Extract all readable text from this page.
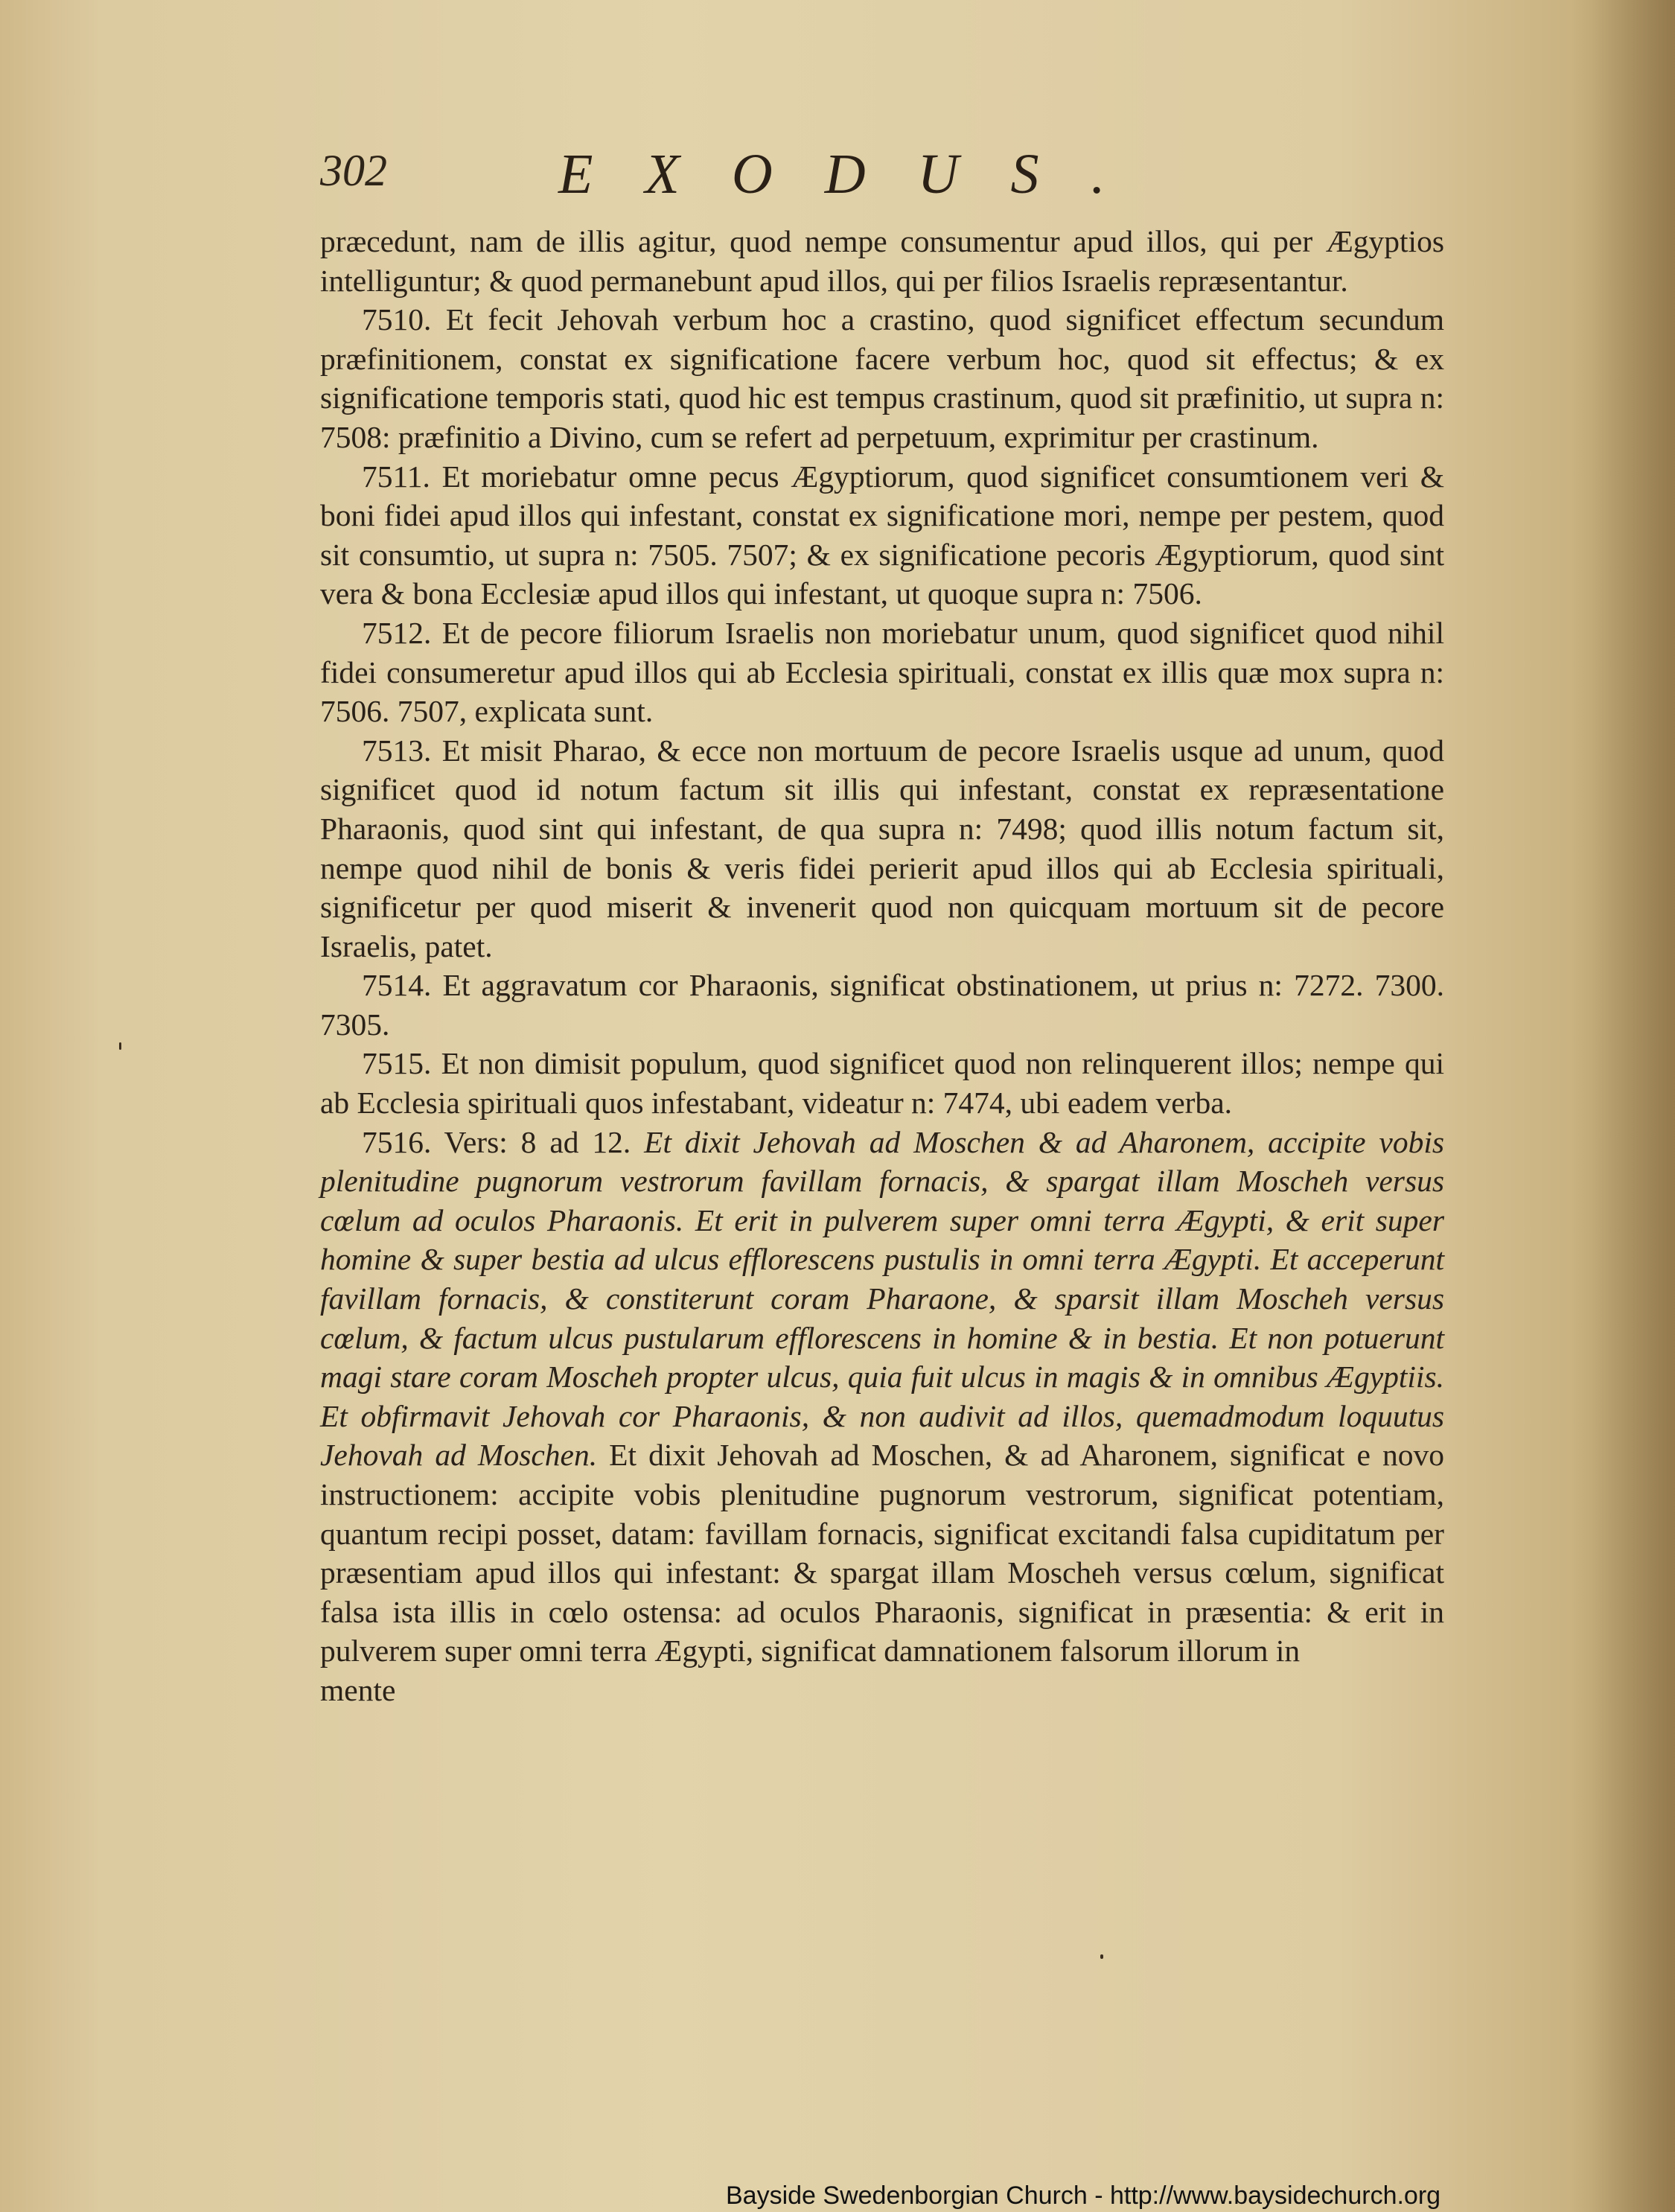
302	EXODUS.

præcedunt, nam de illis agitur, quod nempe consumentur apud illos, qui per Ægyptios intelliguntur; & quod permanebunt apud illos, qui per filios Israelis repræsentantur.

7510. Et fecit Jehovah verbum hoc a crastino, quod significet effectum secundum præfinitionem, constat ex significatione facere verbum hoc, quod sit effectus; & ex significatione temporis stati, quod hic est tempus crastinum, quod sit præfinitio, ut supra n: 7508: præfinitio a Divino, cum se refert ad perpetuum, exprimitur per crastinum.

7511. Et moriebatur omne pecus Ægyptiorum, quod significet consumtionem veri & boni fidei apud illos qui infestant, constat ex significatione mori, nempe per pestem, quod sit consumtio, ut supra n: 7505. 7507; & ex significatione pecoris Ægyptiorum, quod sint vera & bona Ecclesiæ apud illos qui infestant, ut quoque supra n: 7506.

7512. Et de pecore filiorum Israelis non moriebatur unum, quod significet quod nihil fidei consumeretur apud illos qui ab Ecclesia spirituali, constat ex illis quæ mox supra n: 7506. 7507, explicata sunt.

7513. Et misit Pharao, & ecce non mortuum de pecore Israelis usque ad unum, quod significet quod id notum factum sit illis qui infestant, constat ex repræsentatione Pharaonis, quod sint qui infestant, de qua supra n: 7498; quod illis notum factum sit, nempe quod nihil de bonis & veris fidei perierit apud illos qui ab Ecclesia spirituali, significetur per quod miserit & invenerit quod non quicquam mortuum sit de pecore Israelis, patet.

7514. Et aggravatum cor Pharaonis, significat obstinationem, ut prius n: 7272. 7300. 7305.

7515. Et non dimisit populum, quod significet quod non relinquerent illos; nempe qui ab Ecclesia spirituali quos infestabant, videatur n: 7474, ubi eadem verba.

7516. Vers: 8 ad 12. Et dixit Jehovah ad Moschen & ad Aharonem, accipite vobis plenitudine pugnorum vestrorum favillam fornacis, & spargat illam Moscheh versus cœlum ad oculos Pharaonis. Et erit in pulverem super omni terra Ægypti, & erit super homine & super bestia ad ulcus efflorescens pustulis in omni terra Ægypti. Et acceperunt favillam fornacis, & constiterunt coram Pharaone, & sparsit illam Moscheh versus cœlum, & factum ulcus pustularum efflorescens in homine & in bestia. Et non potuerunt magi stare coram Moscheh propter ulcus, quia fuit ulcus in magis & in omnibus Ægyptiis. Et obfirmavit Jehovah cor Pharaonis, & non audivit ad illos, quemadmodum loquutus Jehovah ad Moschen. Et dixit Jehovah ad Moschen, & ad Aharonem, significat e novo instructionem: accipite vobis plenitudine pugnorum vestrorum, significat potentiam, quantum recipi posset, datam: favillam fornacis, significat excitandi falsa cupiditatum per præsentiam apud illos qui infestant: & spargat illam Moscheh versus cœlum, significat falsa ista illis in cœlo ostensa: ad oculos Pharaonis, significat in præsentia: & erit in pulverem super omni terra Ægypti, significat damnationem falsorum illorum in

mente
Bayside Swedenborgian Church - http://www.baysidechurch.org
